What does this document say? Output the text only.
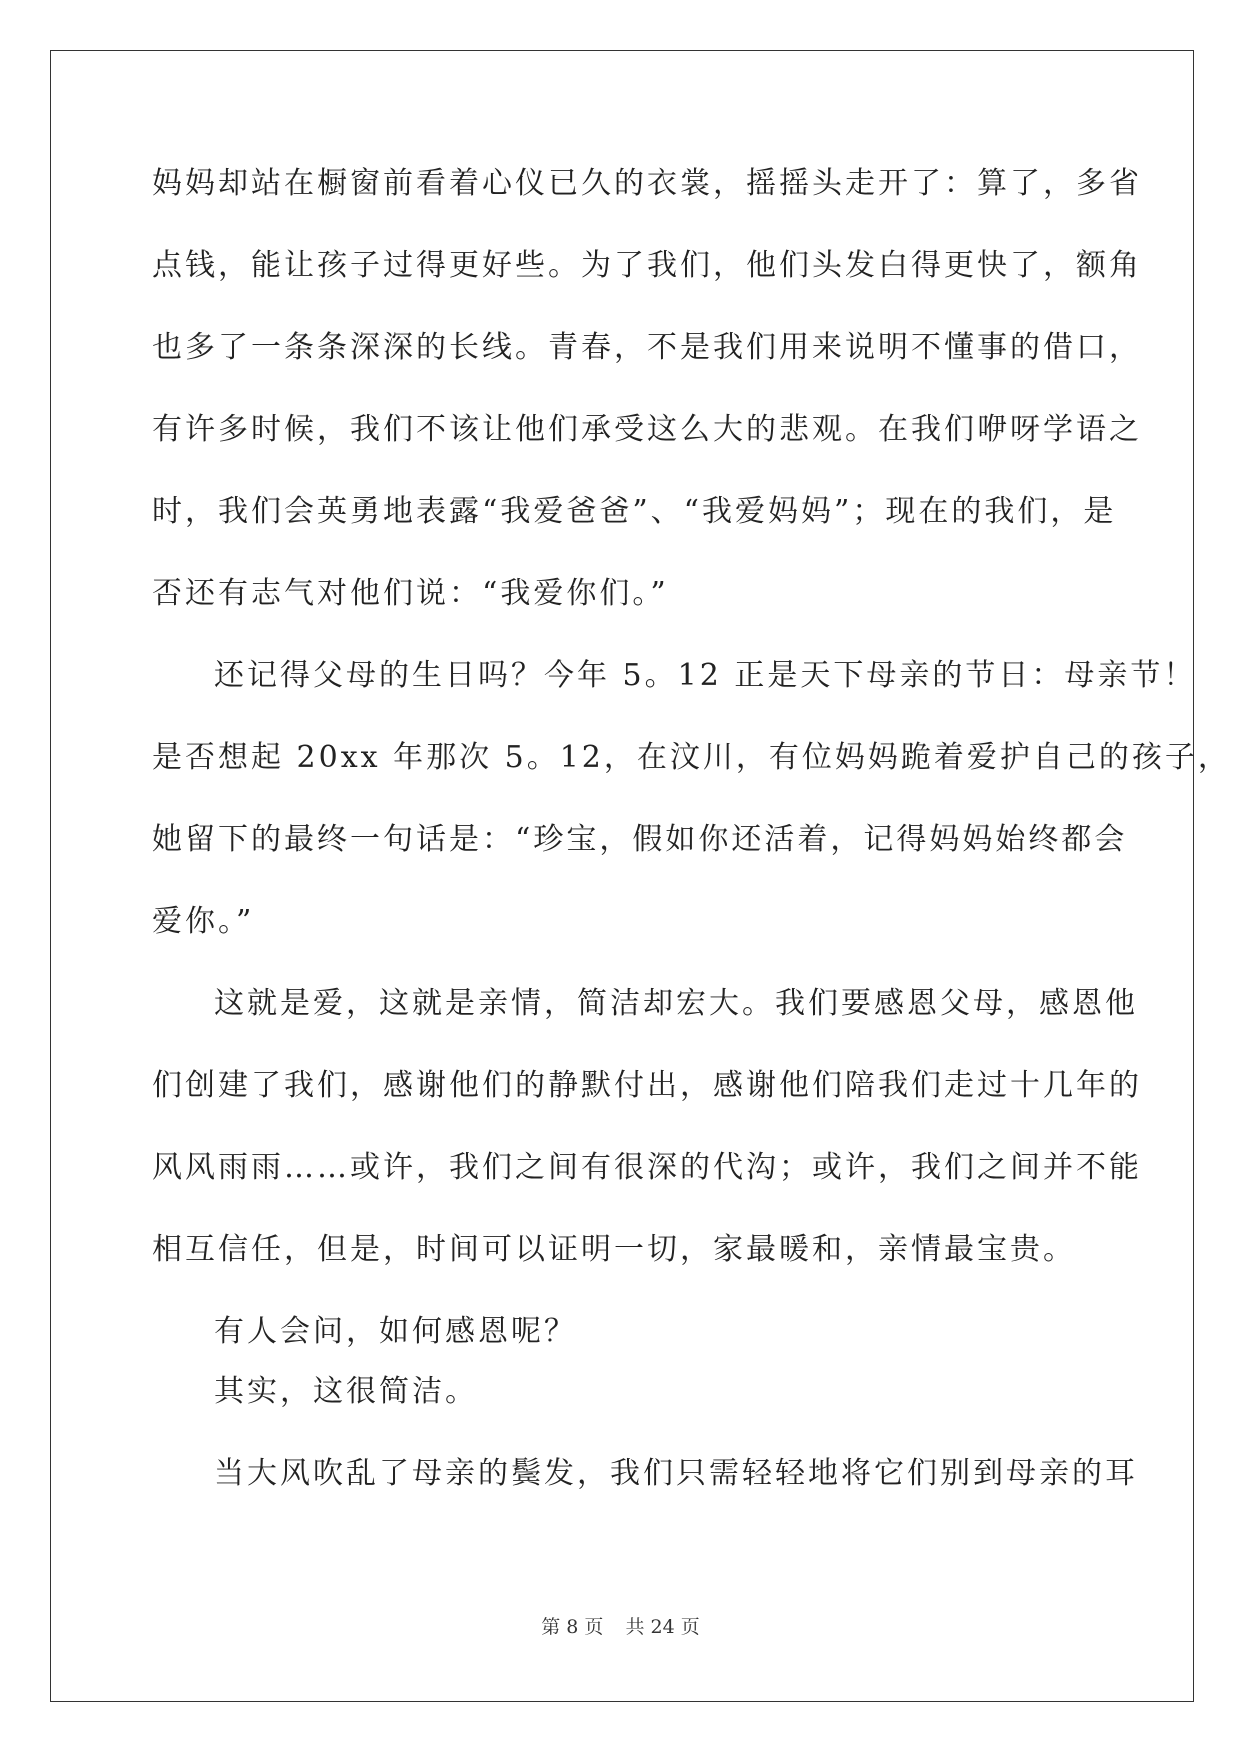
妈妈却站在橱窗前看着心仪已久的衣裳，摇摇头走开了：算了，多省
点钱，能让孩子过得更好些。为了我们，他们头发白得更快了，额角
也多了一条条深深的长线。青春，不是我们用来说明不懂事的借口，
有许多时候，我们不该让他们承受这么大的悲观。在我们咿呀学语之
时，我们会英勇地表露“我爱爸爸”、“我爱妈妈”；现在的我们，是
否还有志气对他们说：“我爱你们。”
还记得父母的生日吗？今年 5。12 正是天下母亲的节日：母亲节！
是否想起 20xx 年那次 5。12，在汶川，有位妈妈跪着爱护自己的孩子，
她留下的最终一句话是：“珍宝，假如你还活着，记得妈妈始终都会
爱你。”
这就是爱，这就是亲情，简洁却宏大。我们要感恩父母，感恩他
们创建了我们，感谢他们的静默付出，感谢他们陪我们走过十几年的
风风雨雨……或许，我们之间有很深的代沟；或许，我们之间并不能
相互信任，但是，时间可以证明一切，家最暖和，亲情最宝贵。
有人会问，如何感恩呢？
其实，这很简洁。
当大风吹乱了母亲的鬓发，我们只需轻轻地将它们别到母亲的耳
第 8 页 共 24 页
